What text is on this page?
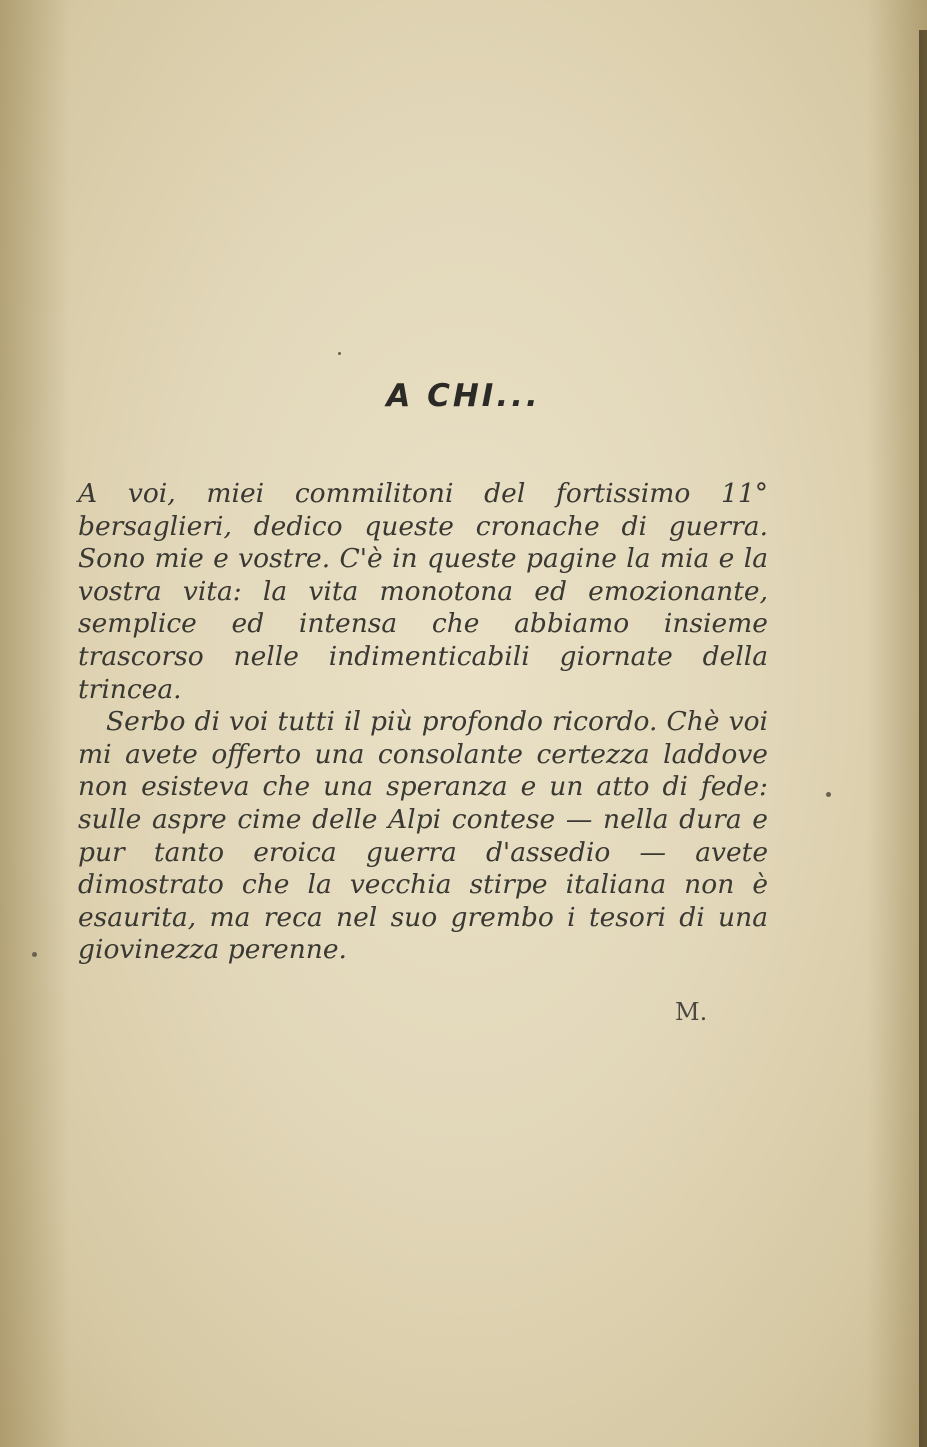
A CHI...

A voi, miei commilitoni del fortissimo 11° bersaglieri, dedico queste cronache di guerra. Sono mie e vostre. C'è in queste pagine la mia e la vostra vita: la vita monotona ed emozionante, semplice ed intensa che abbiamo insieme trascorso nelle indimenticabili giornate della trincea.

Serbo di voi tutti il più profondo ricordo. Chè voi mi avete offerto una consolante certezza laddove non esisteva che una speranza e un atto di fede: sulle aspre cime delle Alpi contese — nella dura e pur tanto eroica guerra d'assedio — avete dimostrato che la vecchia stirpe italiana non è esaurita, ma reca nel suo grembo i tesori di una giovinezza perenne.

M.
